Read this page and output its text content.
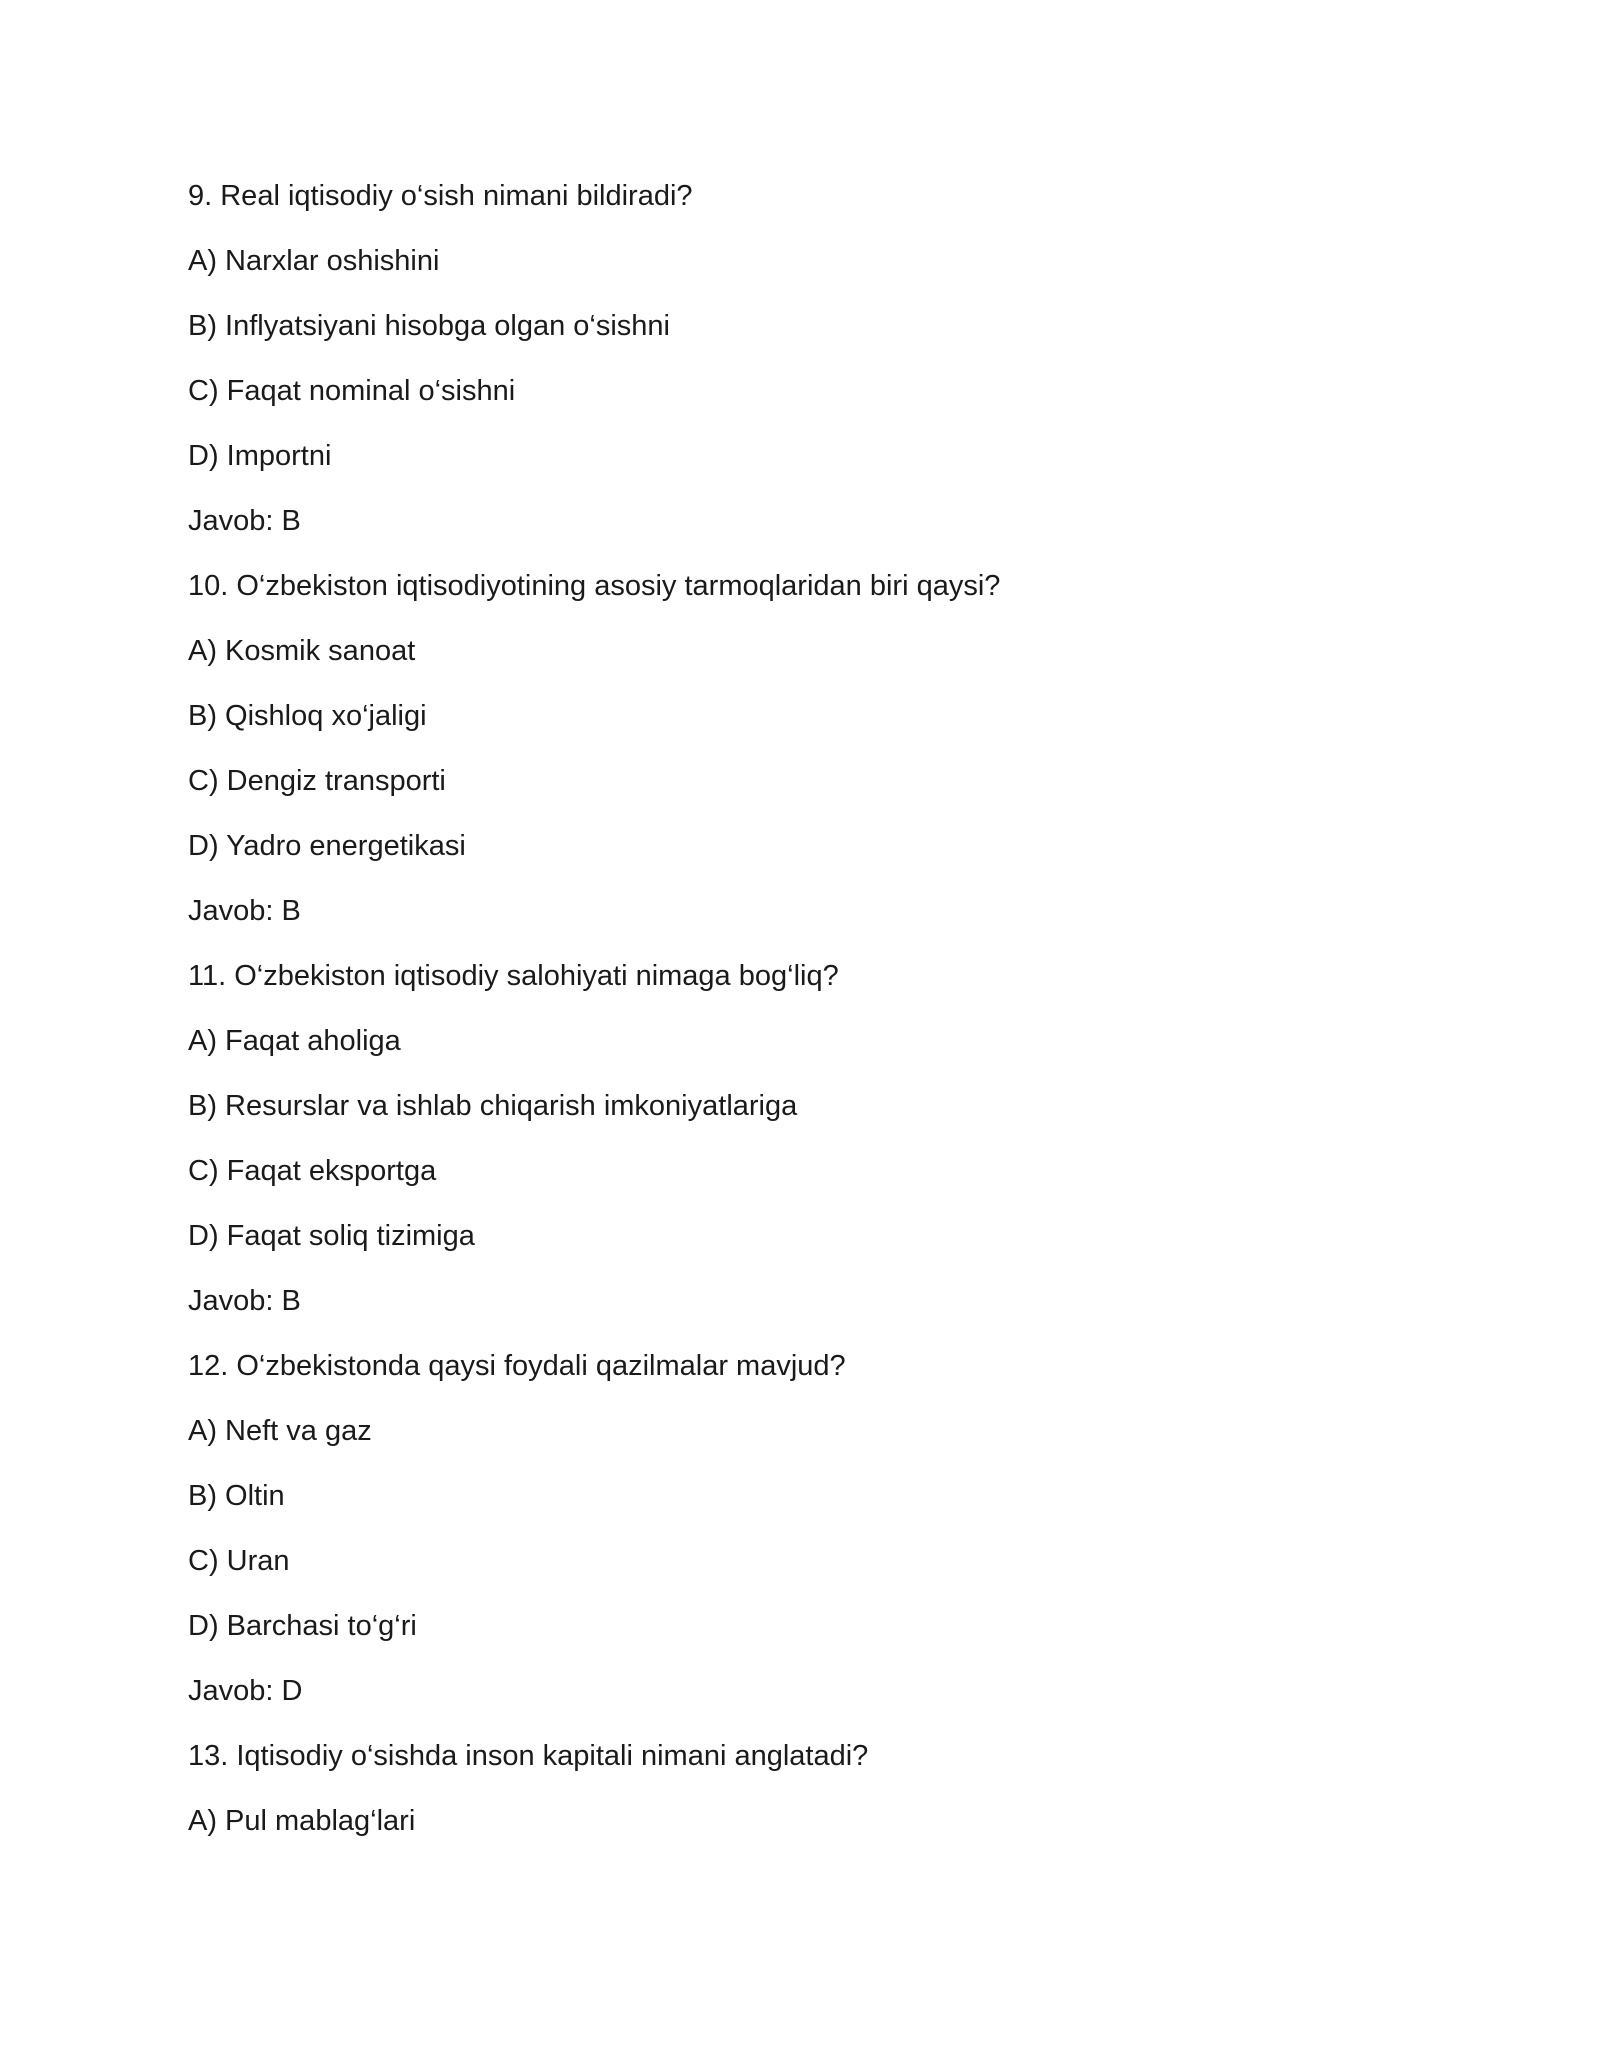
9. Real iqtisodiy o‘sish nimani bildiradi?
A) Narxlar oshishini
B) Inflyatsiyani hisobga olgan o‘sishni
C) Faqat nominal o‘sishni
D) Importni
Javob: B
10. O‘zbekiston iqtisodiyotining asosiy tarmoqlaridan biri qaysi?
A) Kosmik sanoat
B) Qishloq xo‘jaligi
C) Dengiz transporti
D) Yadro energetikasi
Javob: B
11. O‘zbekiston iqtisodiy salohiyati nimaga bog‘liq?
A) Faqat aholiga
B) Resurslar va ishlab chiqarish imkoniyatlariga
C) Faqat eksportga
D) Faqat soliq tizimiga
Javob: B
12. O‘zbekistonda qaysi foydali qazilmalar mavjud?
A) Neft va gaz
B) Oltin
C) Uran
D) Barchasi to‘g‘ri
Javob: D
13. Iqtisodiy o‘sishda inson kapitali nimani anglatadi?
A) Pul mablag‘lari
